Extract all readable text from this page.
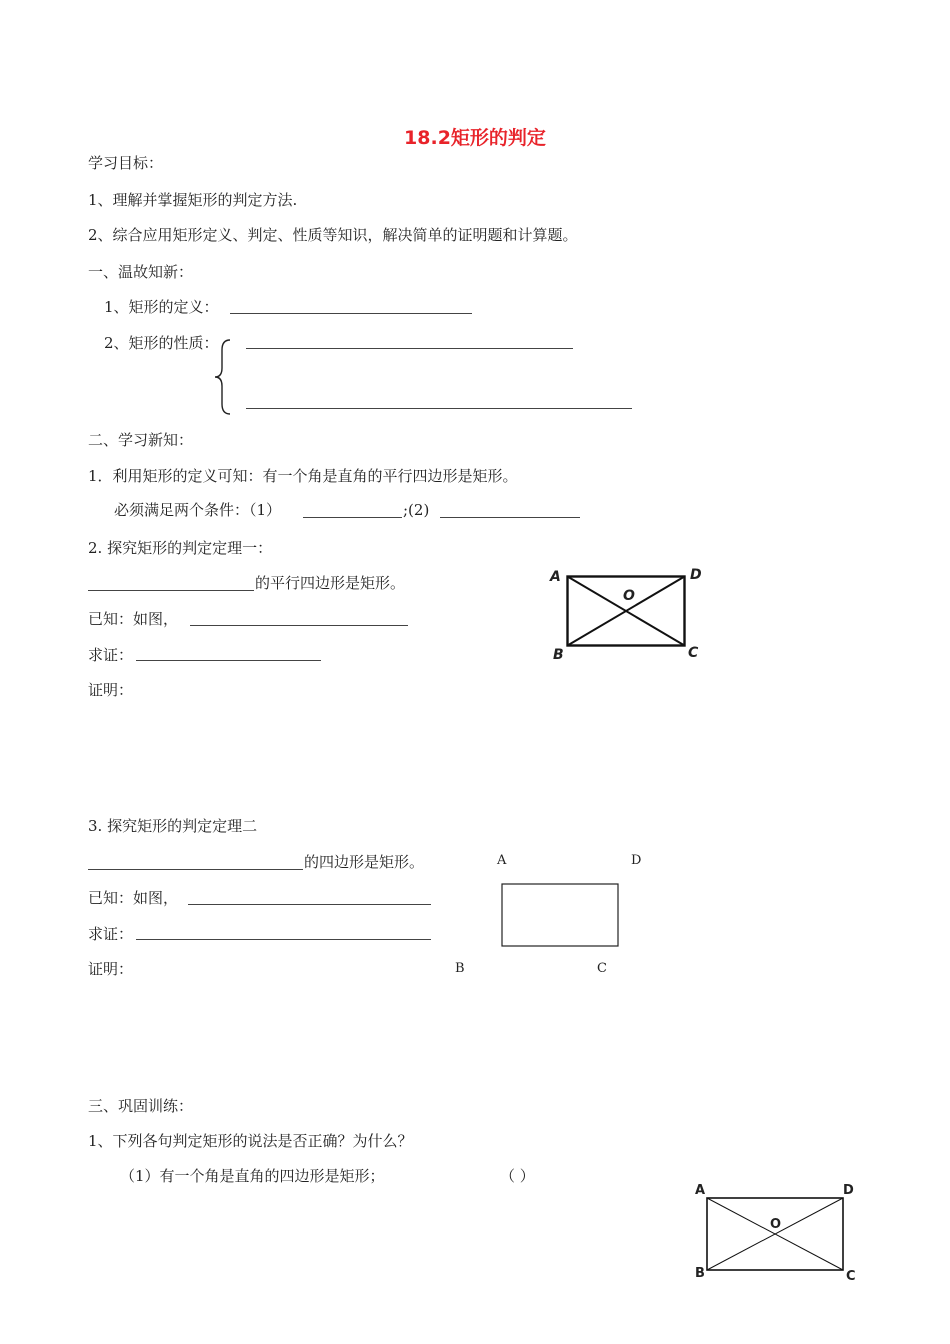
18.2矩形的判定
学习目标：
1、理解并掌握矩形的判定方法.
2、综合应用矩形定义、判定、性质等知识，解决简单的证明题和计算题。
一、温故知新：
1、矩形的定义：
2、矩形的性质：
二、学习新知：
1．利用矩形的定义可知：有一个角是直角的平行四边形是矩形。
必须满足两个条件：（1）	;(2)
2. 探究矩形的判定定理一：
的平行四边形是矩形。
已知：如图，
求证：
证明：
A	D
O
B	C
3. 探究矩形的判定定理二
的四边形是矩形。
已知：如图，
求证：
证明：
A	D
B	C
三、巩固训练：
1、下列各句判定矩形的说法是否正确？为什么？
（1）有一个角是直角的四边形是矩形；	（ ）
A	D
O
B	C
